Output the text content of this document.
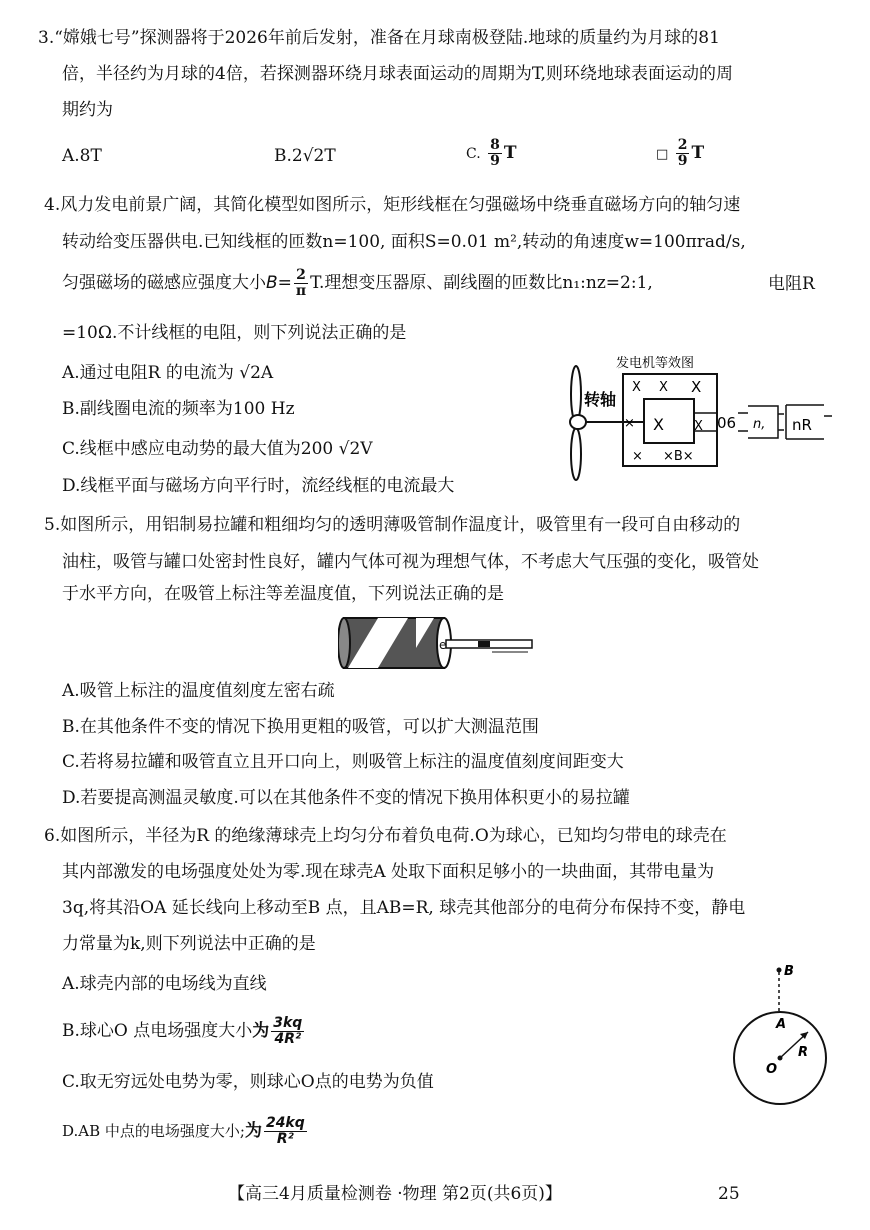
3.“嫦娥七号”探测器将于2026年前后发射，准备在月球南极登陆.地球的质量约为月球的81
倍，半径约为月球的4倍，若探测器环绕月球表面运动的周期为T,则环绕地球表面运动的周
期约为
A.8T	B.2√2T	C. $\frac{8}{9}$ T	□ $\frac{2}{9}$ T
4.风力发电前景广阔，其简化模型如图所示，矩形线框在匀强磁场中绕垂直磁场方向的轴匀速
转动给变压器供电.已知线框的匝数n=100, 面积S=0.01 m²,转动的角速度w=100πrad/s,
匀强磁场的磁感应强度大小$B= \frac{2}{\pi} T$.理想变压器原、副线圈的匝数比n₁:nz=2:1,	电阻R
=10Ω.不计线框的电阻，则下列说法正确的是
A.通过电阻R 的电流为 √2A
B.副线圈电流的频率为100 Hz
C.线框中感应电动势的最大值为200 √2V
D.线框平面与磁场方向平行时，流经线框的电流最大
转轴
发电机等效图
X X X
× X X
× ×B×
06 n, nR
5.如图所示，用铝制易拉罐和粗细均匀的透明薄吸管制作温度计，吸管里有一段可自由移动的
油柱，吸管与罐口处密封性良好，罐内气体可视为理想气体，不考虑大气压强的变化，吸管处
于水平方向，在吸管上标注等差温度值，下列说法正确的是
e
A.吸管上标注的温度值刻度左密右疏
B.在其他条件不变的情况下换用更粗的吸管，可以扩大测温范围
C.若将易拉罐和吸管直立且开口向上，则吸管上标注的温度值刻度间距变大
D.若要提高测温灵敏度.可以在其他条件不变的情况下换用体积更小的易拉罐
6.如图所示，半径为R 的绝缘薄球壳上均匀分布着负电荷.O为球心，已知均匀带电的球壳在
其内部激发的电场强度处处为零.现在球壳A 处取下面积足够小的一块曲面，其带电量为
3q,将其沿OA 延长线向上移动至B 点，且AB=R, 球壳其他部分的电荷分布保持不变，静电
力常量为k,则下列说法中正确的是
A.球壳内部的电场线为直线
B.球心O 点电场强度大小为 $\frac{3kq}{\text{4R²}}$
C.取无穷远处电势为零，则球心O点的电势为负值
D.AB 中点的电场强度大小;为 $\frac{24kq}{\text{R²}}$
B
A
O
R
【高三4月质量检测卷 ·物理 第2页(共6页)】	25
